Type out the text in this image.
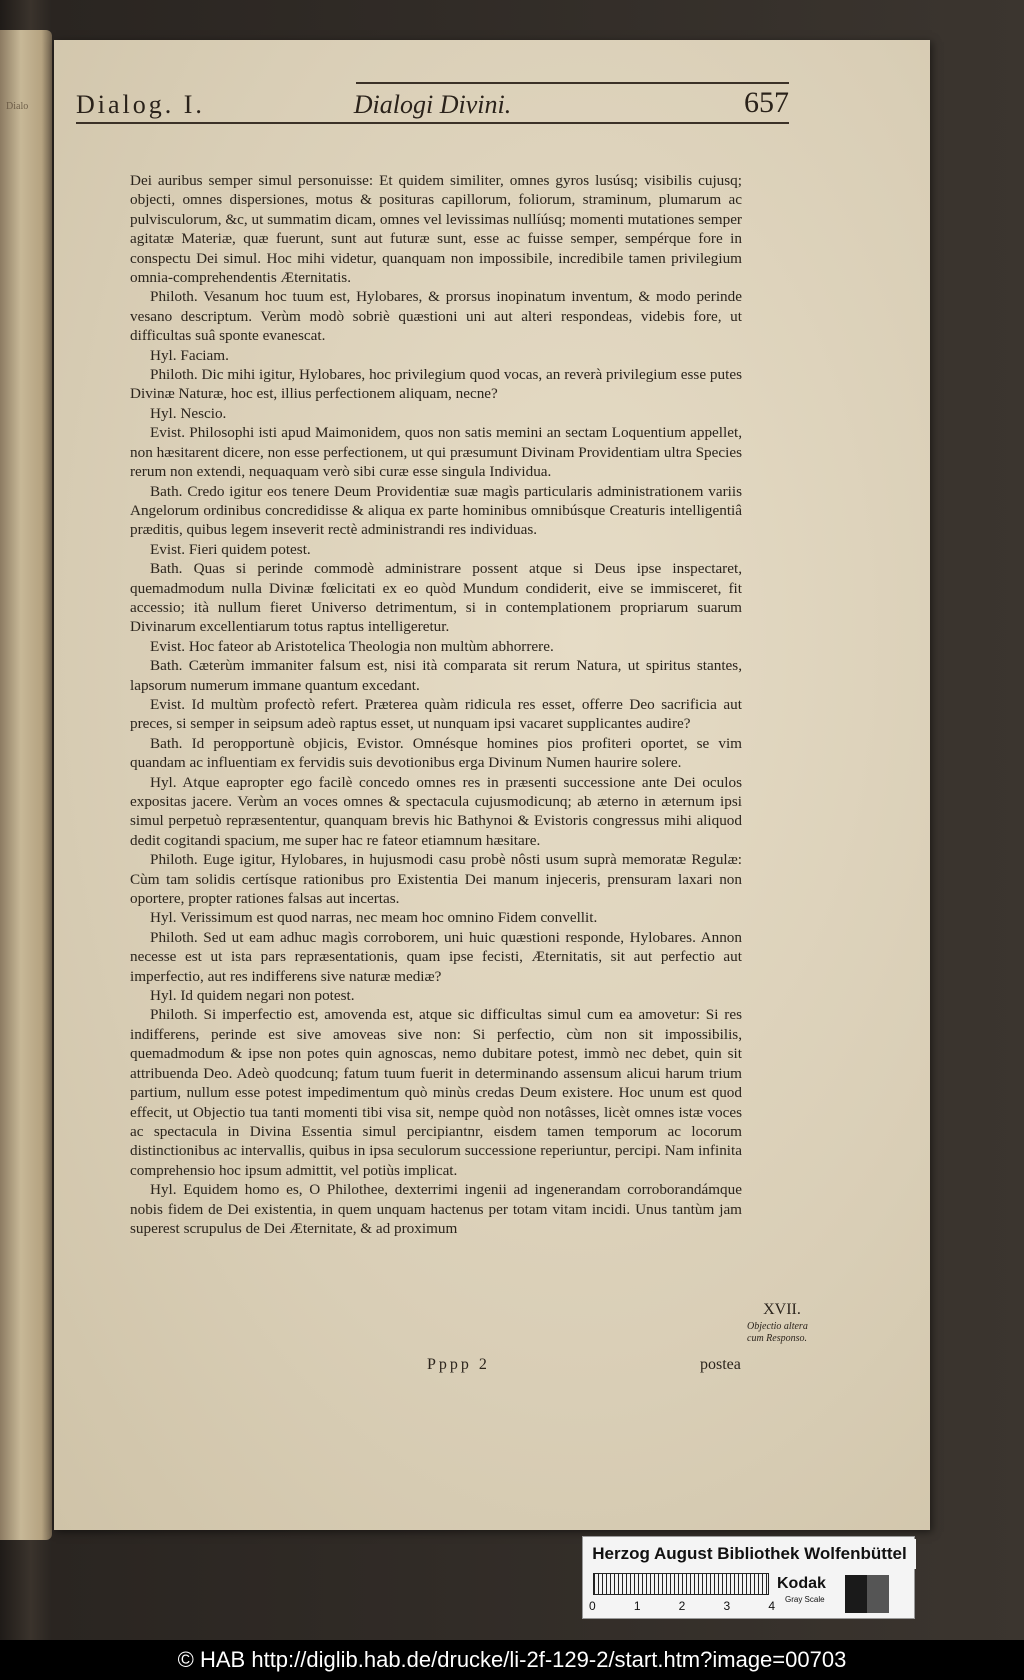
Dialo	Dialog. I.	Dialogi Divini.	657

Dei auribus semper simul personuisse: Et quidem similiter, omnes gyros lusúsq; visibilis cujusq; objecti, omnes dispersiones, motus & posituras capillorum, foliorum, straminum, plumarum ac pulvisculorum, &c, ut summatim dicam, omnes vel levissimas nullíúsq; momenti mutationes semper agitatæ Materiæ, quæ fuerunt, sunt aut futuræ sunt, esse ac fuisse semper, sempérque fore in conspectu Dei simul. Hoc mihi videtur, quanquam non impossibile, incredibile tamen privilegium omnia-comprehendentis Æternitatis.

Philoth. Vesanum hoc tuum est, Hylobares, & prorsus inopinatum inventum, & modo perinde vesano descriptum. Verùm modò sobriè quæstioni uni aut alteri respondeas, videbis fore, ut difficultas suâ sponte evanescat.

Hyl. Faciam.

Philoth. Dic mihi igitur, Hylobares, hoc privilegium quod vocas, an reverà privilegium esse putes Divinæ Naturæ, hoc est, illius perfectionem aliquam, necne?

Hyl. Nescio.

Evist. Philosophi isti apud Maimonidem, quos non satis memini an sectam Loquentium appellet, non hæsitarent dicere, non esse perfectionem, ut qui præsumunt Divinam Providentiam ultra Species rerum non extendi, nequaquam verò sibi curæ esse singula Individua.

Bath. Credo igitur eos tenere Deum Providentiæ suæ magìs particularis administrationem variis Angelorum ordinibus concredidisse & aliqua ex parte hominibus omnibúsque Creaturis intelligentiâ præditis, quibus legem inseverit rectè administrandi res individuas.

Evist. Fieri quidem potest.

Bath. Quas si perinde commodè administrare possent atque si Deus ipse inspectaret, quemadmodum nulla Divinæ fœlicitati ex eo quòd Mundum condiderit, eive se immisceret, fit accessio; ità nullum fieret Universo detrimentum, si in contemplationem propriarum suarum Divinarum excellentiarum totus raptus intelligeretur.

Evist. Hoc fateor ab Aristotelica Theologia non multùm abhorrere.

Bath. Cæterùm immaniter falsum est, nisi ità comparata sit rerum Natura, ut spiritus stantes, lapsorum numerum immane quantum excedant.

Evist. Id multùm profectò refert. Præterea quàm ridicula res esset, offerre Deo sacrificia aut preces, si semper in seipsum adeò raptus esset, ut nunquam ipsi vacaret supplicantes audire?

Bath. Id peropportunè objicis, Evistor. Omnésque homines pios profiteri oportet, se vim quandam ac influentiam ex fervidis suis devotionibus erga Divinum Numen haurire solere.

Hyl. Atque eapropter ego facilè concedo omnes res in præsenti successione ante Dei oculos expositas jacere. Verùm an voces omnes & spectacula cujusmodicunq; ab æterno in æternum ipsi simul perpetuò repræsententur, quanquam brevis hic Bathynoi & Evistoris congressus mihi aliquod dedit cogitandi spacium, me super hac re fateor etiamnum hæsitare.

Philoth. Euge igitur, Hylobares, in hujusmodi casu probè nôsti usum suprà memoratæ Regulæ: Cùm tam solidis certísque rationibus pro Existentia Dei manum injeceris, prensuram laxari non oportere, propter rationes falsas aut incertas.

Hyl. Verissimum est quod narras, nec meam hoc omnino Fidem convellit.

Philoth. Sed ut eam adhuc magìs corroborem, uni huic quæstioni responde, Hylobares. Annon necesse est ut ista pars repræsentationis, quam ipse fecisti, Æternitatis, sit aut perfectio aut imperfectio, aut res indifferens sive naturæ mediæ?

Hyl. Id quidem negari non potest.

Philoth. Si imperfectio est, amovenda est, atque sic difficultas simul cum ea amovetur: Si res indifferens, perinde est sive amoveas sive non: Si perfectio, cùm non sit impossibilis, quemadmodum & ipse non potes quin agnoscas, nemo dubitare potest, immò nec debet, quin sit attribuenda Deo. Adeò quodcunq; fatum tuum fuerit in determinando assensum alicui harum trium partium, nullum esse potest impedimentum quò minùs credas Deum existere. Hoc unum est quod effecit, ut Objectio tua tanti momenti tibi visa sit, nempe quòd non notâsses, licèt omnes istæ voces ac spectacula in Divina Essentia simul percipiantnr, eisdem tamen temporum ac locorum distinctionibus ac intervallis, quibus in ipsa seculorum successione reperiuntur, percipi. Nam infinita comprehensio hoc ipsum admittit, vel potiùs implicat.

Hyl. Equidem homo es, O Philothee, dexterrimi ingenii ad ingenerandam corroborandámque nobis fidem de Dei existentia, in quem unquam hactenus per totam vitam incidi. Unus tantùm jam superest scrupulus de Dei Æternitate, & ad proximum

XVII.
Objectio altera cum Responso.
Pppp 2	postea
Herzog August Bibliothek Wolfenbüttel
0	1	2	3	4
Kodak
Gray Scale
© HAB http://diglib.hab.de/drucke/li-2f-129-2/start.htm?image=00703
